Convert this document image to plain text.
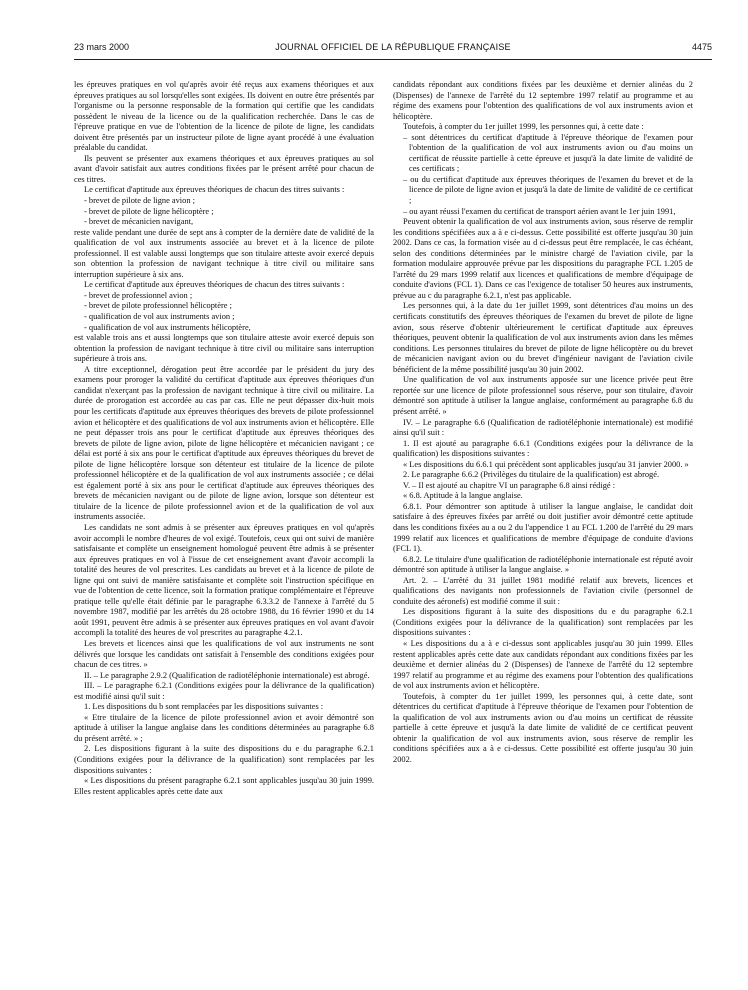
23 mars 2000	JOURNAL OFFICIEL DE LA RÉPUBLIQUE FRANÇAISE	4475

les épreuves pratiques en vol qu'après avoir été reçus aux examens théoriques et aux épreuves pratiques au sol lorsqu'elles sont exigées. Ils doivent en outre être présentés par l'organisme ou la personne responsable de la formation qui certifie que les candidats possèdent le niveau de la licence ou de la qualification recherchée. Dans le cas de l'épreuve pratique en vue de l'obtention de la licence de pilote de ligne, les candidats doivent être présentés par un instructeur pilote de ligne ayant procédé à une évaluation préalable du candidat.

Ils peuvent se présenter aux examens théoriques et aux épreuves pratiques au sol avant d'avoir satisfait aux autres conditions fixées par le présent arrêté pour chacun de ces titres.

Le certificat d'aptitude aux épreuves théoriques de chacun des titres suivants :

- brevet de pilote de ligne avion ;

- brevet de pilote de ligne hélicoptère ;

- brevet de mécanicien navigant,

reste valide pendant une durée de sept ans à compter de la dernière date de validité de la qualification de vol aux instruments associée au brevet et à la licence de pilote professionnel. Il est valable aussi longtemps que son titulaire atteste avoir exercé depuis son obtention la profession de navigant technique à titre civil ou militaire sans interruption supérieure à six ans.

Le certificat d'aptitude aux épreuves théoriques de chacun des titres suivants :

- brevet de professionnel avion ;

- brevet de pilote professionnel hélicoptère ;

- qualification de vol aux instruments avion ;

- qualification de vol aux instruments hélicoptère,

est valable trois ans et aussi longtemps que son titulaire atteste avoir exercé depuis son obtention la profession de navigant technique à titre civil ou militaire sans interruption supérieure à trois ans.

A titre exceptionnel, dérogation peut être accordée par le président du jury des examens pour proroger la validité du certificat d'aptitude aux épreuves théoriques d'un candidat n'exerçant pas la profession de navigant technique à titre civil ou militaire. La durée de prorogation est accordée au cas par cas. Elle ne peut dépasser dix-huit mois pour les certificats d'aptitude aux épreuves théoriques des brevets de pilote professionnel avion et hélicoptère et des qualifications de vol aux instruments avion et hélicoptère. Elle ne peut dépasser trois ans pour le certificat d'aptitude aux épreuves théoriques des brevets de pilote de ligne avion, pilote de ligne hélicoptère et mécanicien navigant ; ce délai est porté à six ans pour le certificat d'aptitude aux épreuves théoriques du brevet de pilote de ligne hélicoptère lorsque son détenteur est titulaire de la licence de pilote professionnel hélicoptère et de la qualification de vol aux instruments associée ; ce délai est également porté à six ans pour le certificat d'aptitude aux épreuves théoriques des brevets de mécanicien navigant ou de pilote de ligne avion, lorsque son détenteur est titulaire de la licence de pilote professionnel avion et de la qualification de vol aux instruments associée.

Les candidats ne sont admis à se présenter aux épreuves pratiques en vol qu'après avoir accompli le nombre d'heures de vol exigé. Toutefois, ceux qui ont suivi de manière satisfaisante et complète un enseignement homologué peuvent être admis à se présenter aux épreuves pratiques en vol à l'issue de cet enseignement avant d'avoir accompli la totalité des heures de vol prescrites. Les candidats au brevet et à la licence de pilote de ligne qui ont suivi de manière satisfaisante et complète soit l'instruction spécifique en vue de l'obtention de cette licence, soit la formation pratique complémentaire et l'épreuve pratique telle qu'elle était définie par le paragraphe 6.3.3.2 de l'annexe à l'arrêté du 5 novembre 1987, modifié par les arrêtés du 28 octobre 1988, du 16 février 1990 et du 14 août 1991, peuvent être admis à se présenter aux épreuves pratiques en vol avant d'avoir accompli la totalité des heures de vol prescrites au paragraphe 4.2.1.

Les brevets et licences ainsi que les qualifications de vol aux instruments ne sont délivrés que lorsque les candidats ont satisfait à l'ensemble des conditions exigées pour chacun de ces titres. »

II. – Le paragraphe 2.9.2 (Qualification de radiotéléphonie internationale) est abrogé.

III. – Le paragraphe 6.2.1 (Conditions exigées pour la délivrance de la qualification) est modifié ainsi qu'il suit :

1. Les dispositions du b sont remplacées par les dispositions suivantes :

« Etre titulaire de la licence de pilote professionnel avion et avoir démontré son aptitude à utiliser la langue anglaise dans les conditions déterminées au paragraphe 6.8 du présent arrêté. » ;

2. Les dispositions figurant à la suite des dispositions du e du paragraphe 6.2.1 (Conditions exigées pour la délivrance de la qualification) sont remplacées par les dispositions suivantes :

« Les dispositions du présent paragraphe 6.2.1 sont applicables jusqu'au 30 juin 1999. Elles restent applicables après cette date aux

candidats répondant aux conditions fixées par les deuxième et dernier alinéas du 2 (Dispenses) de l'annexe de l'arrêté du 12 septembre 1997 relatif au programme et au régime des examens pour l'obtention des qualifications de vol aux instruments avion et hélicoptère.

Toutefois, à compter du 1er juillet 1999, les personnes qui, à cette date :

– sont détentrices du certificat d'aptitude à l'épreuve théorique de l'examen pour l'obtention de la qualification de vol aux instruments avion ou d'au moins un certificat de réussite partielle à cette épreuve et jusqu'à la date limite de validité de ces certificats ;

– ou du certificat d'aptitude aux épreuves théoriques de l'examen du brevet et de la licence de pilote de ligne avion et jusqu'à la date de limite de validité de ce certificat ;

– ou ayant réussi l'examen du certificat de transport aérien avant le 1er juin 1991,

Peuvent obtenir la qualification de vol aux instruments avion, sous réserve de remplir les conditions spécifiées aux a à e ci-dessus. Cette possibilité est offerte jusqu'au 30 juin 2002. Dans ce cas, la formation visée au d ci-dessus peut être remplacée, le cas échéant, selon des conditions déterminées par le ministre chargé de l'aviation civile, par la formation modulaire approuvée prévue par les dispositions du paragraphe FCL 1.205 de l'arrêté du 29 mars 1999 relatif aux licences et qualifications de membre d'équipage de conduite d'avions (FCL 1). Dans ce cas l'exigence de totaliser 50 heures aux instruments, prévue au c du paragraphe 6.2.1, n'est pas applicable.

Les personnes qui, à la date du 1er juillet 1999, sont détentrices d'au moins un des certificats constitutifs des épreuves théoriques de l'examen du brevet de pilote de ligne avion, sous réserve d'obtenir ultérieurement le certificat d'aptitude aux épreuves théoriques, peuvent obtenir la qualification de vol aux instruments avion dans les mêmes conditions. Les personnes titulaires du brevet de pilote de ligne hélicoptère ou du brevet de mécanicien navigant avion ou du brevet d'ingénieur navigant de l'aviation civile bénéficient de la même possibilité jusqu'au 30 juin 2002.

Une qualification de vol aux instruments apposée sur une licence privée peut être reportée sur une licence de pilote professionnel sous réserve, pour son titulaire, d'avoir démontré son aptitude à utiliser la langue anglaise, conformément au paragraphe 6.8 du présent arrêté. »

IV. – Le paragraphe 6.6 (Qualification de radiotéléphonie internationale) est modifié ainsi qu'il suit :

1. Il est ajouté au paragraphe 6.6.1 (Conditions exigées pour la délivrance de la qualification) les dispositions suivantes :

« Les dispositions du 6.6.1 qui précèdent sont applicables jusqu'au 31 janvier 2000. »

2. Le paragraphe 6.6.2 (Privilèges du titulaire de la qualification) est abrogé.

V. – Il est ajouté au chapitre VI un paragraphe 6.8 ainsi rédigé :

« 6.8. Aptitude à la langue anglaise.

6.8.1. Pour démontrer son aptitude à utiliser la langue anglaise, le candidat doit satisfaire à des épreuves fixées par arrêté ou doit justifier avoir démontré cette aptitude dans les conditions fixées au a ou 2 du l'appendice 1 au FCL 1.200 de l'arrêté du 29 mars 1999 relatif aux licences et qualifications de membre d'équipage de conduite d'avions (FCL 1).

6.8.2. Le titulaire d'une qualification de radiotéléphonie internationale est réputé avoir démontré son aptitude à utiliser la langue anglaise. »

Art. 2. – L'arrêté du 31 juillet 1981 modifié relatif aux brevets, licences et qualifications des navigants non professionnels de l'aviation civile (personnel de conduite des aéronefs) est modifié comme il suit :

Les dispositions figurant à la suite des dispositions du e du paragraphe 6.2.1 (Conditions exigées pour la délivrance de la qualification) sont remplacées par les dispositions suivantes :

« Les dispositions du a à e ci-dessus sont applicables jusqu'au 30 juin 1999. Elles restent applicables après cette date aux candidats répondant aux conditions fixées par les deuxième et dernier alinéas du 2 (Dispenses) de l'annexe de l'arrêté du 12 septembre 1997 relatif au programme et au régime des examens pour l'obtention des qualifications de vol aux instruments avion et hélicoptère.

Toutefois, à compter du 1er juillet 1999, les personnes qui, à cette date, sont détentrices du certificat d'aptitude à l'épreuve théorique de l'examen pour l'obtention de la qualification de vol aux instruments avion ou d'au moins un certificat de réussite partielle à cette épreuve et jusqu'à la date limite de validité de ce certificat peuvent obtenir la qualification de vol aux instruments avion, sous réserve de remplir les conditions spécifiées aux a à e ci-dessus. Cette possibilité est offerte jusqu'au 30 juin 2002.
